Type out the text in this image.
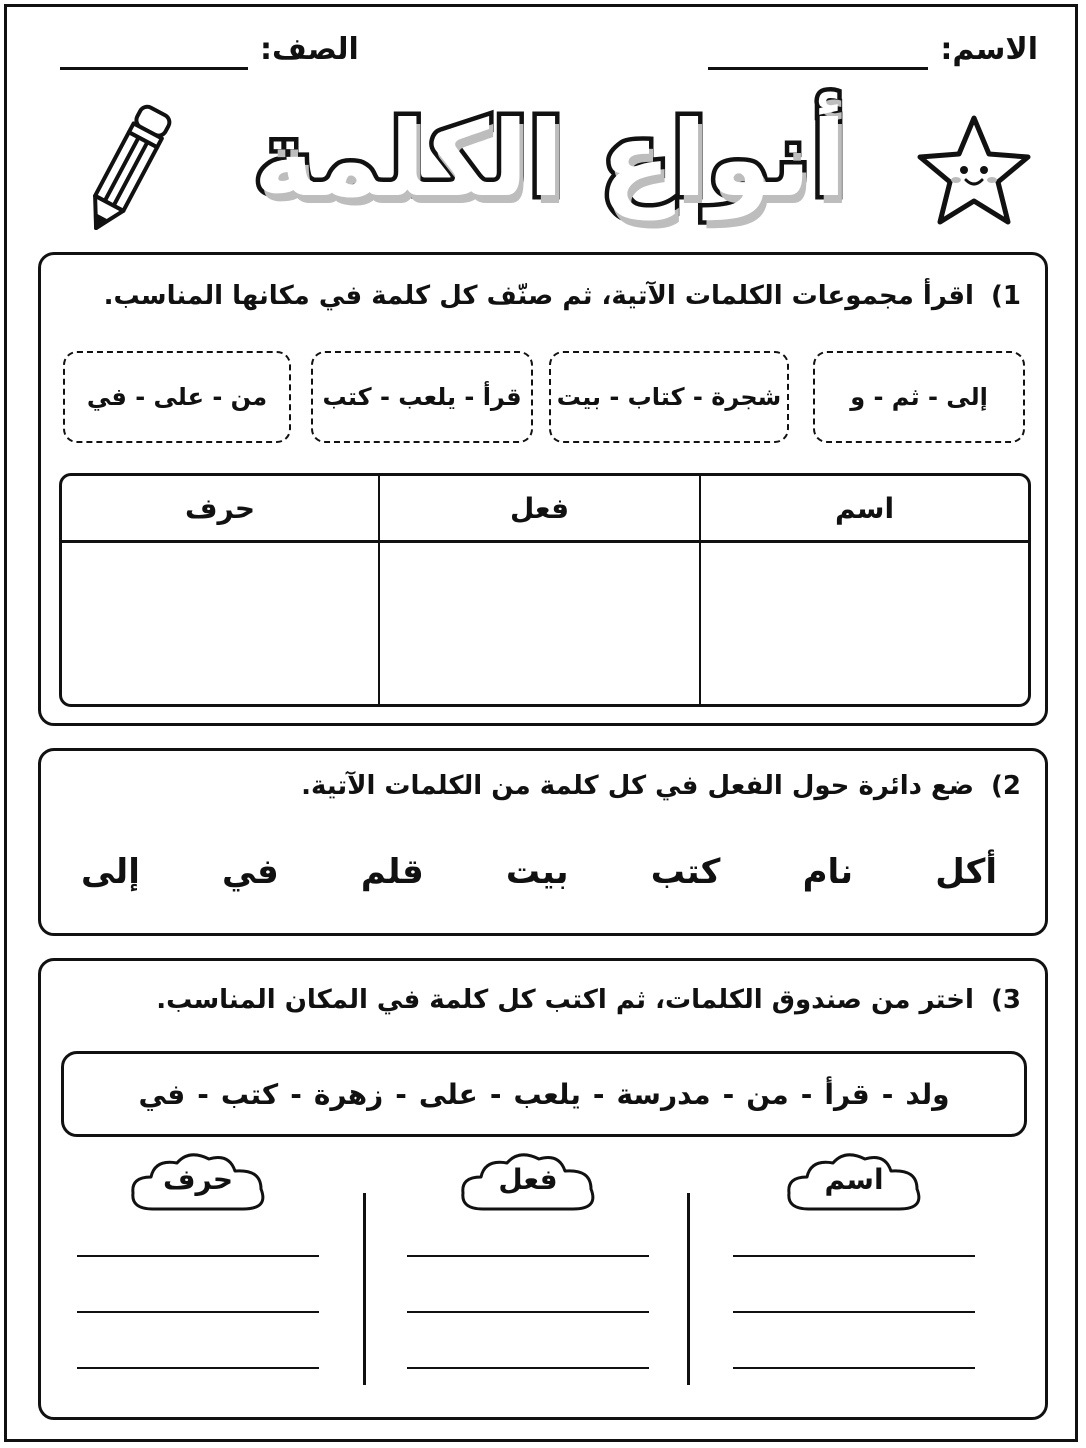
الاسم:
الصف:
أنواع الكلمة
1) اقرأ مجموعات الكلمات الآتية، ثم صنّف كل كلمة في مكانها المناسب.
إلى - ثم - و
شجرة - كتاب - بيت
قرأ - يلعب - كتب
من - على - في
اسم
فعل
حرف
2) ضع دائرة حول الفعل في كل كلمة من الكلمات الآتية.
أكل
نام
كتب
بيت
قلم
في
إلى
3) اختر من صندوق الكلمات، ثم اكتب كل كلمة في المكان المناسب.
ولد
-
قرأ
-
من
-
مدرسة
-
يلعب
-
على
-
زهرة
-
كتب
-
في
اسم
فعل
حرف
